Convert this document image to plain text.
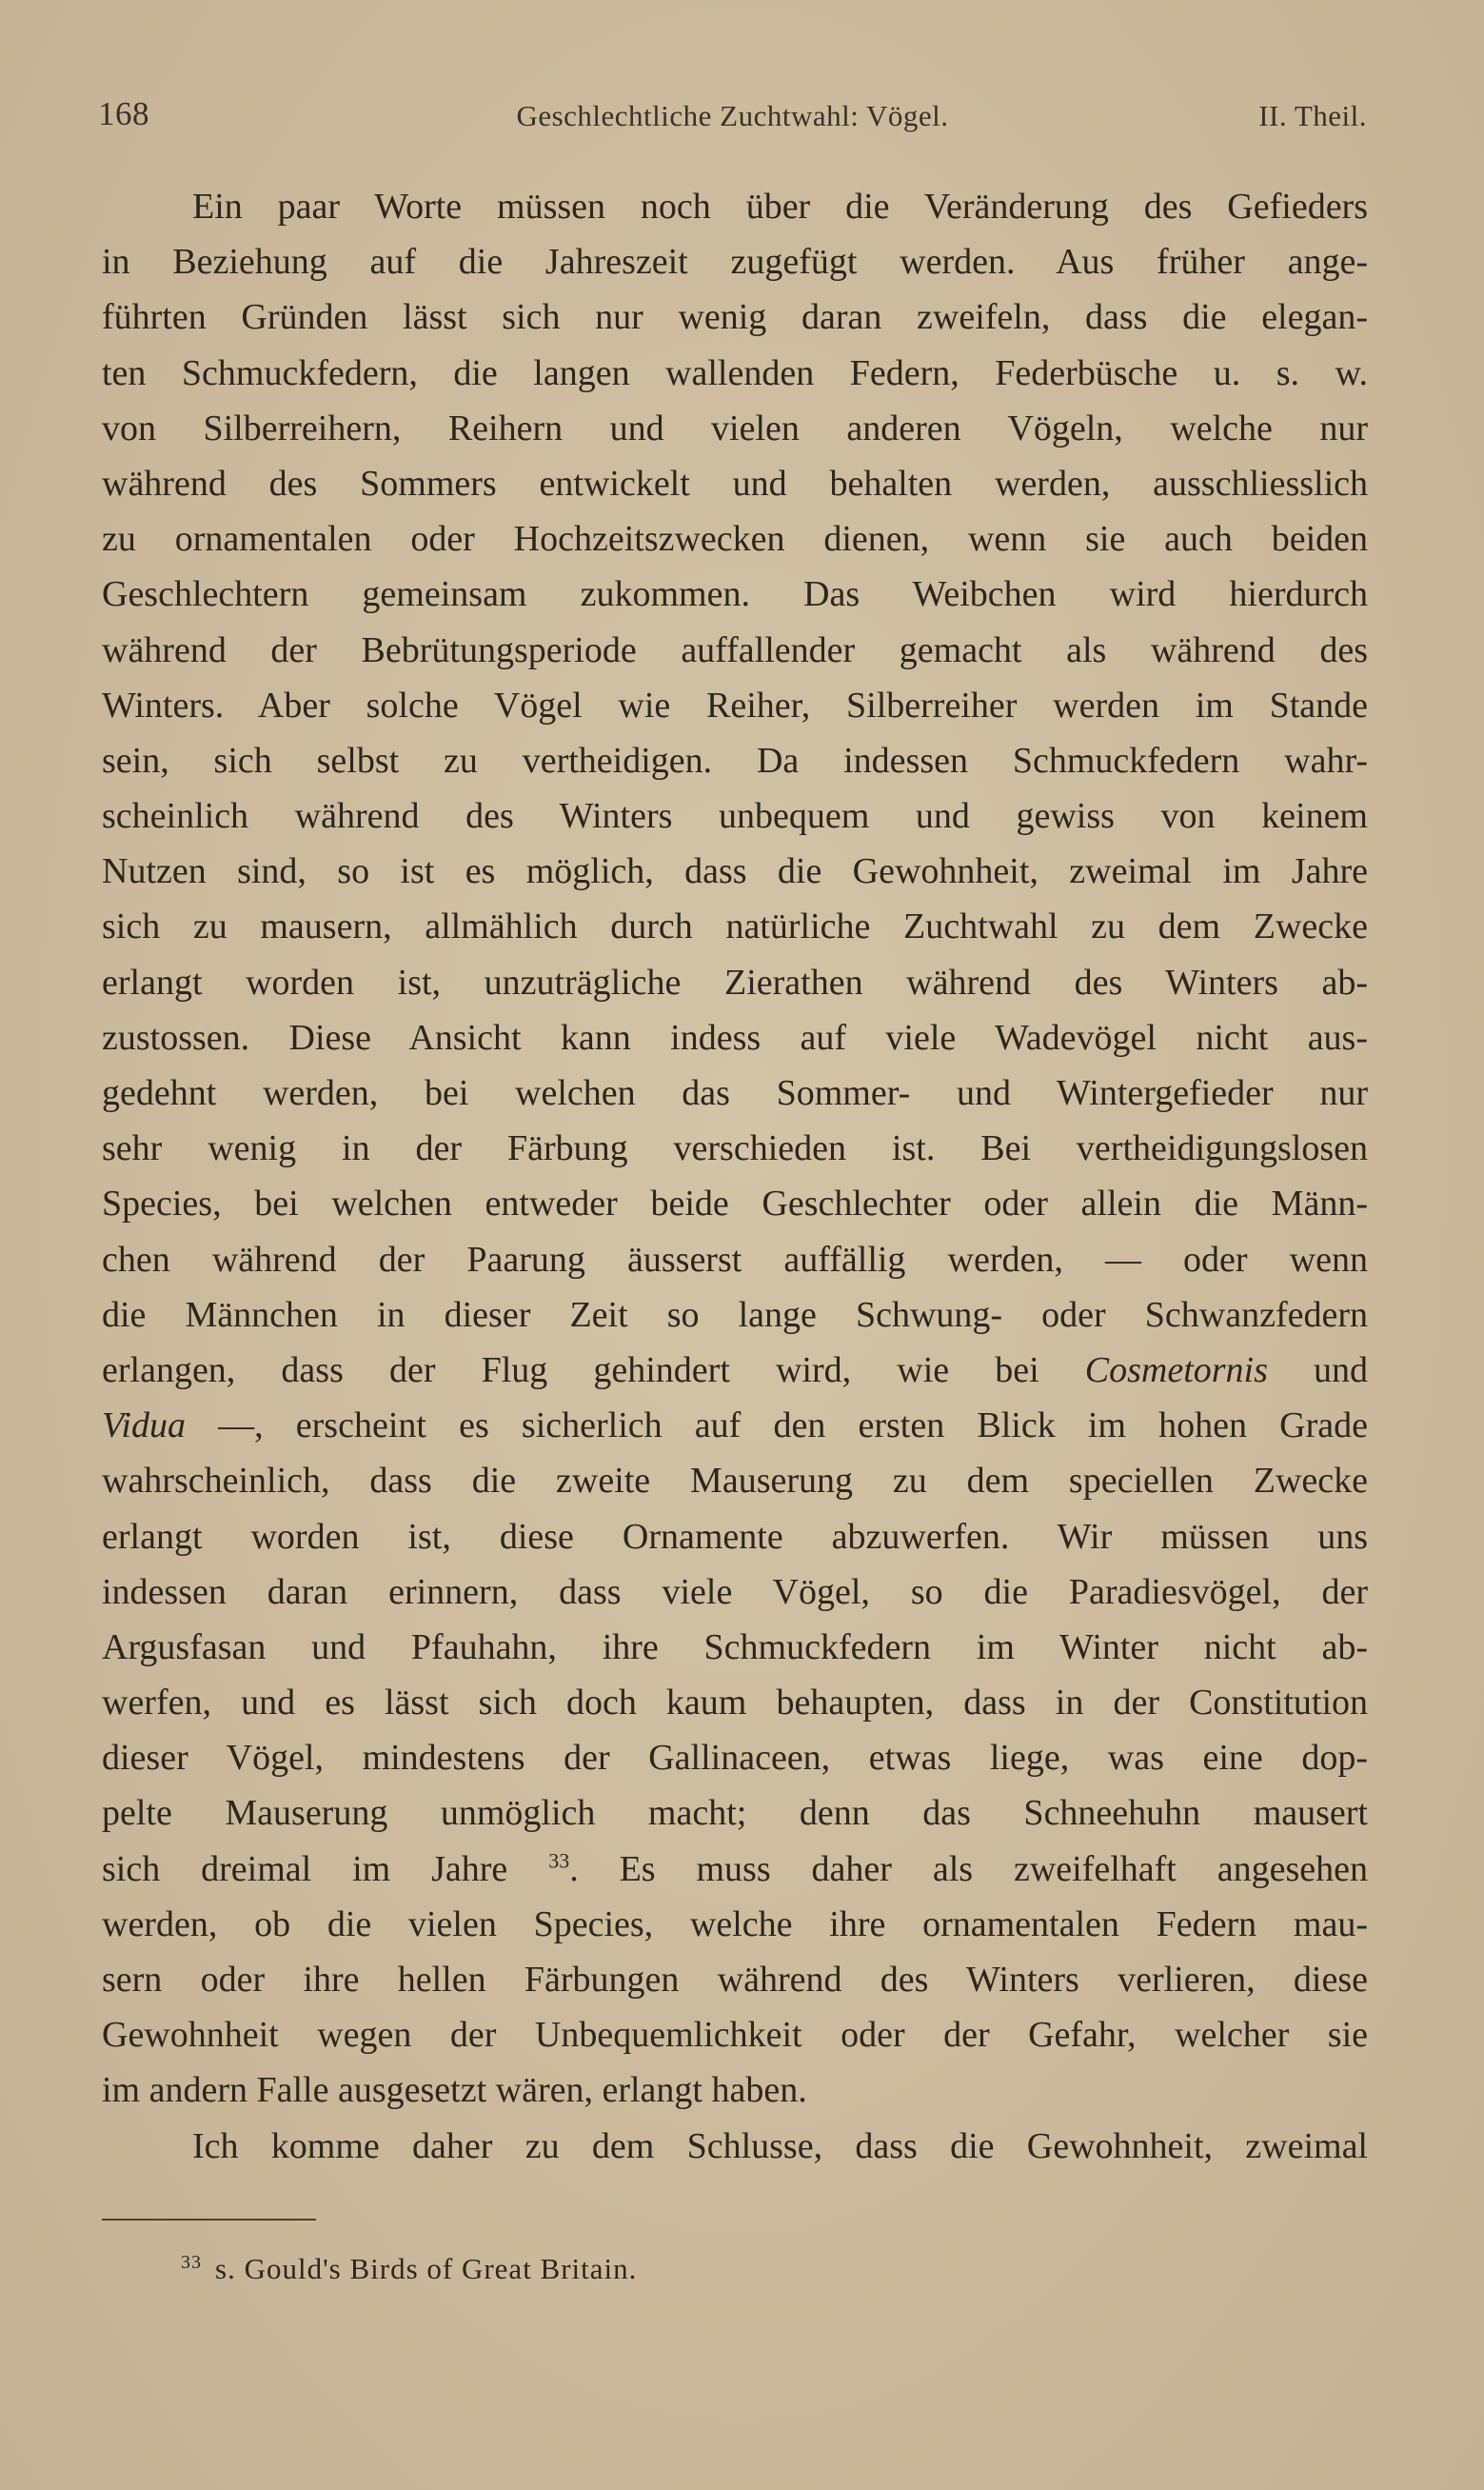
168	Geschlechtliche Zuchtwahl: Vögel.	II. Theil.
Ein paar Worte müssen noch über die Veränderung des Gefieders
in Beziehung auf die Jahreszeit zugefügt werden. Aus früher ange-
führten Gründen lässt sich nur wenig daran zweifeln, dass die elegan-
ten Schmuckfedern, die langen wallenden Federn, Federbüsche u. s. w.
von Silberreihern, Reihern und vielen anderen Vögeln, welche nur
während des Sommers entwickelt und behalten werden, ausschliesslich
zu ornamentalen oder Hochzeitszwecken dienen, wenn sie auch beiden
Geschlechtern gemeinsam zukommen. Das Weibchen wird hierdurch
während der Bebrütungsperiode auffallender gemacht als während des
Winters. Aber solche Vögel wie Reiher, Silberreiher werden im Stande
sein, sich selbst zu vertheidigen. Da indessen Schmuckfedern wahr-
scheinlich während des Winters unbequem und gewiss von keinem
Nutzen sind, so ist es möglich, dass die Gewohnheit, zweimal im Jahre
sich zu mausern, allmählich durch natürliche Zuchtwahl zu dem Zwecke
erlangt worden ist, unzuträgliche Zierathen während des Winters ab-
zustossen. Diese Ansicht kann indess auf viele Wadevögel nicht aus-
gedehnt werden, bei welchen das Sommer- und Wintergefieder nur
sehr wenig in der Färbung verschieden ist. Bei vertheidigungslosen
Species, bei welchen entweder beide Geschlechter oder allein die Männ-
chen während der Paarung äusserst auffällig werden, — oder wenn
die Männchen in dieser Zeit so lange Schwung- oder Schwanzfedern
erlangen, dass der Flug gehindert wird, wie bei Cosmetornis und
Vidua —, erscheint es sicherlich auf den ersten Blick im hohen Grade
wahrscheinlich, dass die zweite Mauserung zu dem speciellen Zwecke
erlangt worden ist, diese Ornamente abzuwerfen. Wir müssen uns
indessen daran erinnern, dass viele Vögel, so die Paradiesvögel, der
Argusfasan und Pfauhahn, ihre Schmuckfedern im Winter nicht ab-
werfen, und es lässt sich doch kaum behaupten, dass in der Constitution
dieser Vögel, mindestens der Gallinaceen, etwas liege, was eine dop-
pelte Mauserung unmöglich macht; denn das Schneehuhn mausert
sich dreimal im Jahre $^{33}$. Es muss daher als zweifelhaft angesehen
werden, ob die vielen Species, welche ihre ornamentalen Federn mau-
sern oder ihre hellen Färbungen während des Winters verlieren, diese
Gewohnheit wegen der Unbequemlichkeit oder der Gefahr, welcher sie
im andern Falle ausgesetzt wären, erlangt haben.
Ich komme daher zu dem Schlusse, dass die Gewohnheit, zweimal
$^{33}$ s. Gould's Birds of Great Britain.
